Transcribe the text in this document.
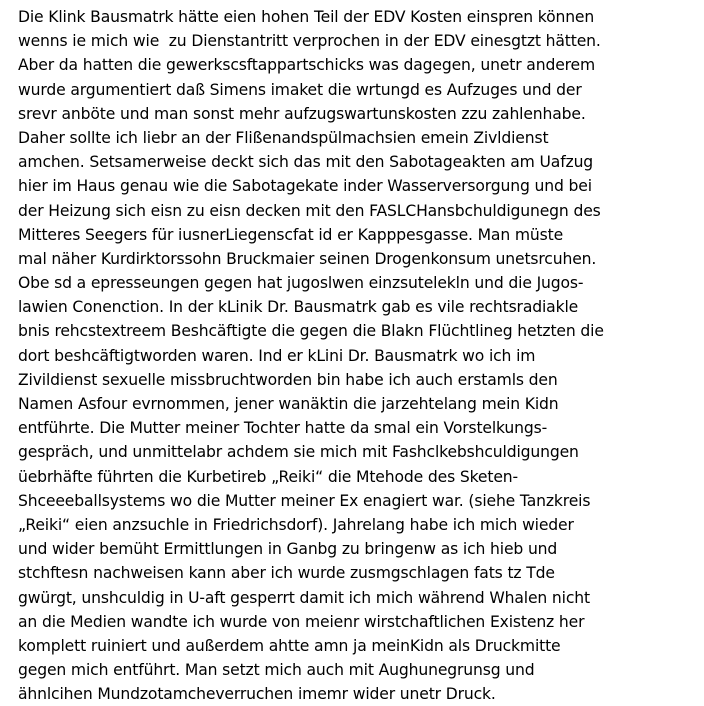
Die Klink Bausmatrk hätte eien hohen Teil der EDV Kosten einspren können
wenns ie mich wie  zu Dienstantritt verprochen in der EDV einesgtzt hätten.
Aber da hatten die gewerkscsftappartschicks was dagegen, unetr anderem
wurde argumentiert daß Simens imaket die wrtungd es Aufzuges und der
srevr anböte und man sonst mehr aufzugswartunskosten zzu zahlenhabe.
Daher sollte ich liebr an der Flißenandspülmachsien emein Zivldienst
amchen. Setsamerweise deckt sich das mit den Sabotageakten am Uafzug
hier im Haus genau wie die Sabotagekate inder Wasserversorgung und bei
der Heizung sich eisn zu eisn decken mit den FASLCHansbchuldigunegn des
Mitteres Seegers für iusnerLiegenscfat id er Kapppesgasse. Man müste
mal näher Kurdirktorssohn Bruckmaier seinen Drogenkonsum unetsrcuhen.
Obe sd a epresseungen gegen hat jugoslwen einzsutelekln und die Jugos-
lawien Conenction. In der kLinik Dr. Bausmatrk gab es vile rechtsradiakle
bnis rehcstextreem Beshcäftigte die gegen die Blakn Flüchtlineg hetzten die
dort beshcäftigtworden waren. Ind er kLini Dr. Bausmatrk wo ich im
Zivildienst sexuelle missbruchtworden bin habe ich auch erstamls den
Namen Asfour evrnommen, jener wanäktin die jarzehtelang mein Kidn
entführte. Die Mutter meiner Tochter hatte da smal ein Vorstelkungs-
gespräch, und unmittelabr achdem sie mich mit Fashclkebshculdigungen
üebrhäfte führten die Kurbetireb „Reiki“ die Mtehode des Sketen-
Shceeeballsystems wo die Mutter meiner Ex enagiert war. (siehe Tanzkreis
„Reiki“ eien anzsuchle in Friedrichsdorf). Jahrelang habe ich mich wieder
und wider bemüht Ermittlungen in Ganbg zu bringenw as ich hieb und
stchftesn nachweisen kann aber ich wurde zusmgschlagen fats tz Tde
gwürgt, unshculdig in U-aft gesperrt damit ich mich während Whalen nicht
an die Medien wandte ich wurde von meienr wirstchaftlichen Existenz her
komplett ruiniert und außerdem ahtte amn ja meinKidn als Druckmitte
gegen mich entführt. Man setzt mich auch mit Aughunegrunsg und
ähnlcihen Mundzotamcheverruchen imemr wider unetr Druck.
